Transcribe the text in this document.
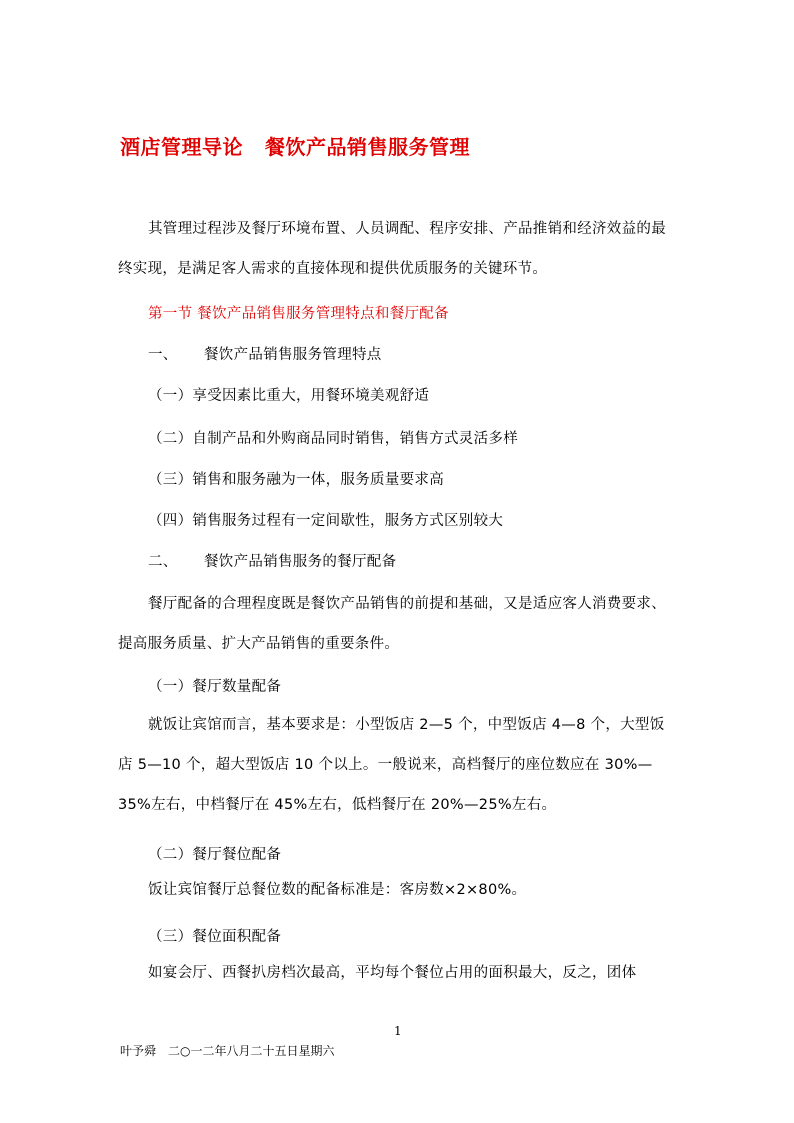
酒店管理导论 餐饮产品销售服务管理

其管理过程涉及餐厅环境布置、人员调配、程序安排、产品推销和经济效益的最终实现，是满足客人需求的直接体现和提供优质服务的关键环节。

第一节 餐饮产品销售服务管理特点和餐厅配备

一、 餐饮产品销售服务管理特点

（一）享受因素比重大，用餐环境美观舒适

（二）自制产品和外购商品同时销售，销售方式灵活多样

（三）销售和服务融为一体，服务质量要求高

（四）销售服务过程有一定间歇性，服务方式区别较大

二、 餐饮产品销售服务的餐厅配备

餐厅配备的合理程度既是餐饮产品销售的前提和基础，又是适应客人消费要求、提高服务质量、扩大产品销售的重要条件。

（一）餐厅数量配备

就饭让宾馆而言，基本要求是：小型饭店 2—5 个，中型饭店 4—8 个，大型饭店 5—10 个，超大型饭店 10 个以上。一般说来，高档餐厅的座位数应在 30%—35%左右，中档餐厅在 45%左右，低档餐厅在 20%—25%左右。

（二）餐厅餐位配备

饭让宾馆餐厅总餐位数的配备标准是：客房数×2×80%。

（三）餐位面积配备

如宴会厅、西餐扒房档次最高，平均每个餐位占用的面积最大，反之，团体

1
叶予舜 二○一二年八月二十五日星期六
